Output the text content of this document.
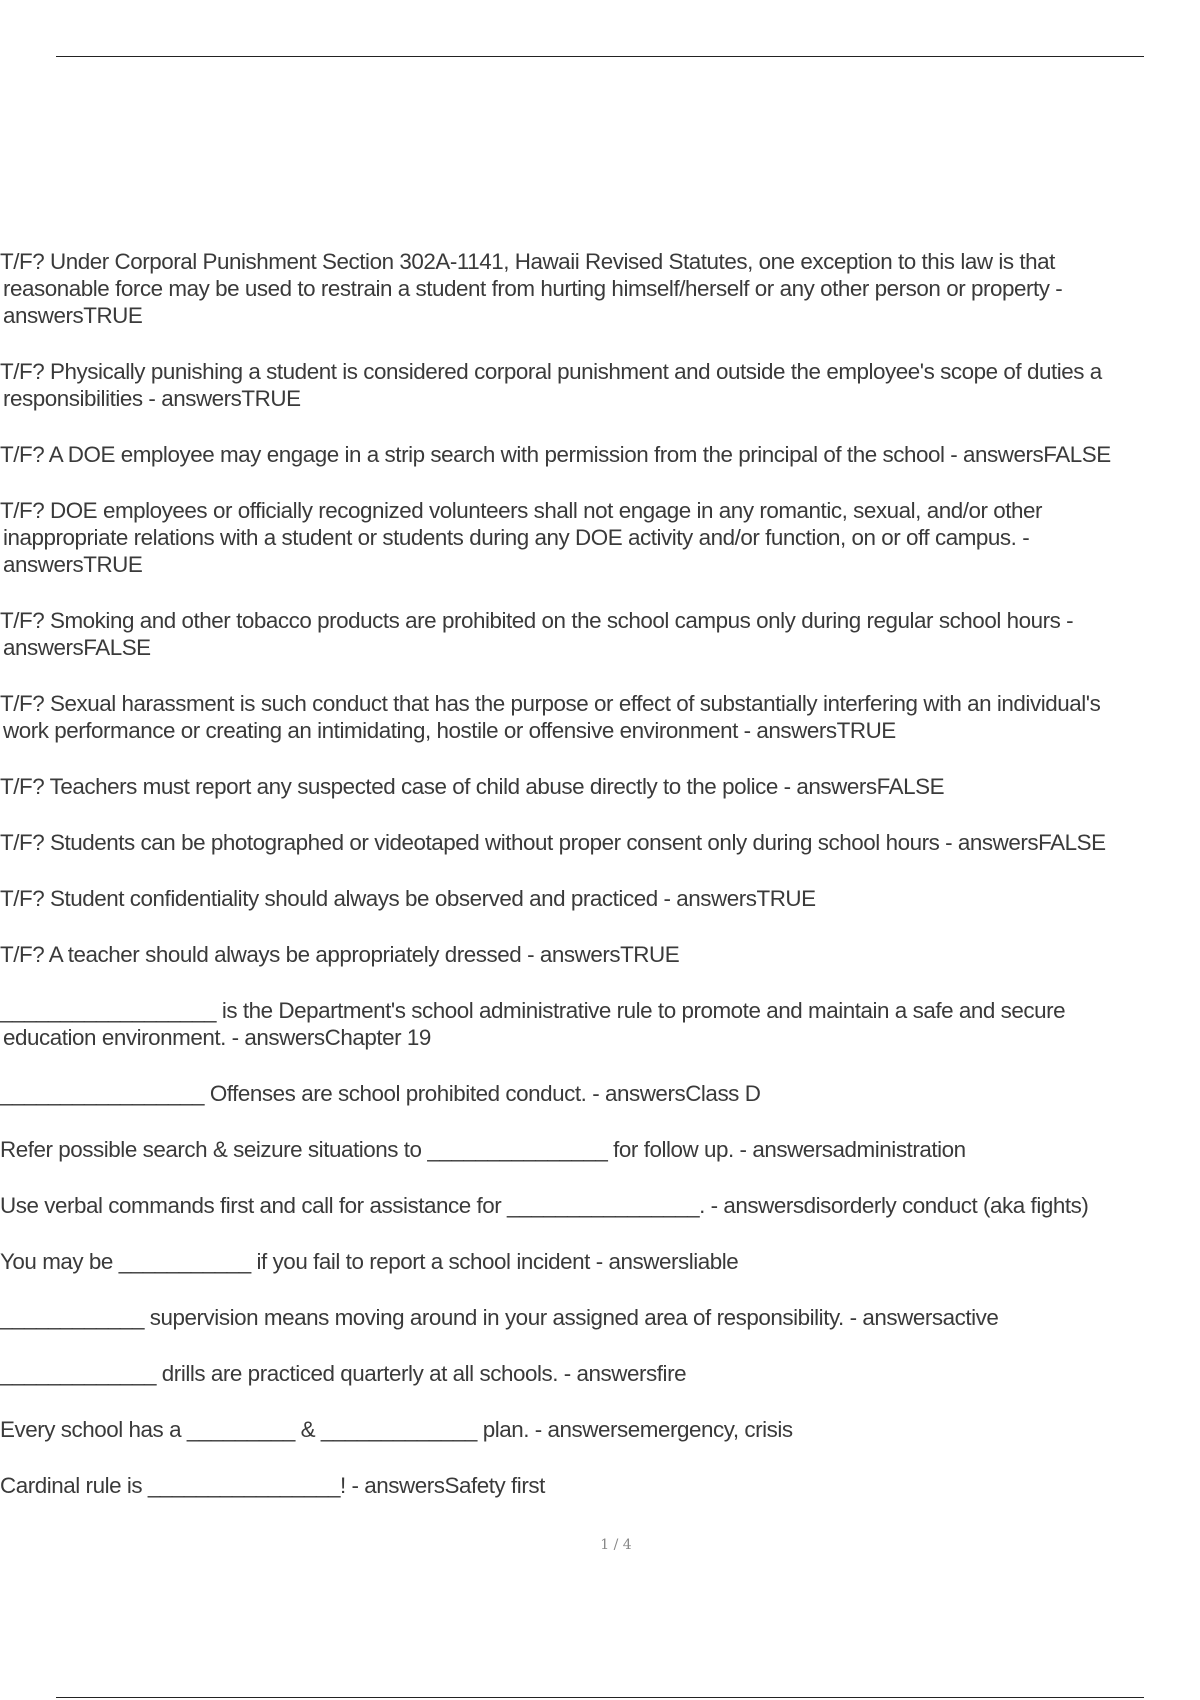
T/F? Under Corporal Punishment Section 302A-1141, Hawaii Revised Statutes, one exception to this law is that
reasonable force may be used to restrain a student from hurting himself/herself or any other person or property -
answersTRUE
T/F? Physically punishing a student is considered corporal punishment and outside the employee's scope of duties a
responsibilities - answersTRUE
T/F? A DOE employee may engage in a strip search with permission from the principal of the school - answersFALSE
T/F? DOE employees or officially recognized volunteers shall not engage in any romantic, sexual, and/or other
inappropriate relations with a student or students during any DOE activity and/or function, on or off campus. -
answersTRUE
T/F? Smoking and other tobacco products are prohibited on the school campus only during regular school hours -
answersFALSE
T/F? Sexual harassment is such conduct that has the purpose or effect of substantially interfering with an individual's
work performance or creating an intimidating, hostile or offensive environment - answersTRUE
T/F? Teachers must report any suspected case of child abuse directly to the police - answersFALSE
T/F? Students can be photographed or videotaped without proper consent only during school hours - answersFALSE
T/F? Student confidentiality should always be observed and practiced - answersTRUE
T/F? A teacher should always be appropriately dressed - answersTRUE
__________________ is the Department's school administrative rule to promote and maintain a safe and secure
education environment. - answersChapter 19
_________________ Offenses are school prohibited conduct. - answersClass D
Refer possible search & seizure situations to _______________ for follow up. - answersadministration
Use verbal commands first and call for assistance for ________________. - answersdisorderly conduct (aka fights)
You may be ___________ if you fail to report a school incident - answersliable
____________ supervision means moving around in your assigned area of responsibility. - answersactive
_____________ drills are practiced quarterly at all schools. - answersfire
Every school has a _________ & _____________ plan. - answersemergency, crisis
Cardinal rule is ________________! - answersSafety first
1 / 4
